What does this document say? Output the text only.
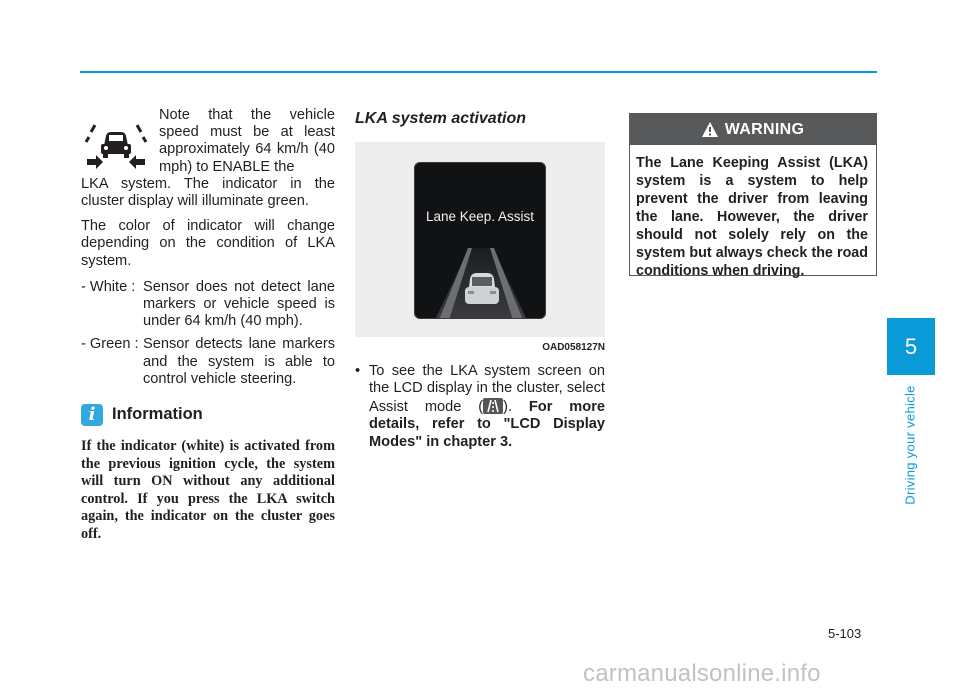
Note that the vehicle speed must be at least approximately 64 km/h (40 mph) to ENABLE the
LKA system. The indicator in the cluster display will illuminate green.

The color of indicator will change depending on the condition of LKA system.

- White : Sensor does not detect lane markers or vehicle speed is under 64 km/h (40 mph).
- Green : Sensor detects lane markers and the system is able to control vehicle steering.
i	Information

If the indicator (white) is activated from the previous ignition cycle, the system will turn ON without any additional control. If you press the LKA switch again, the indicator on the cluster goes off.

LKA system activation
Lane Keep. Assist
OAD058127N
• To see the LKA system screen on the LCD display in the cluster, select Assist mode ( ). For more details, refer to "LCD Display Modes" in chapter 3.
WARNING

The Lane Keeping Assist (LKA) system is a system to help prevent the driver from leaving the lane. However, the driver should not solely rely on the system but always check the road conditions when driving.

5
Driving your vehicle
5-103
carmanualsonline.info
